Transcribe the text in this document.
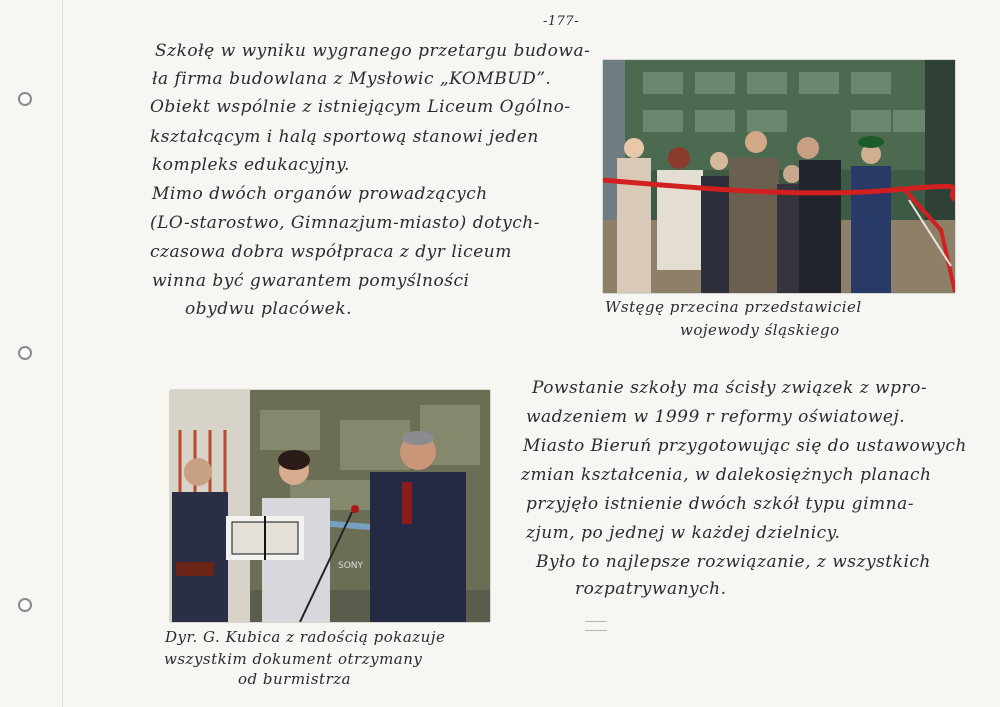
-177-
Szkołę w wyniku wygranego przetargu budowa-
ła firma budowlana z Mysłowic „KOMBUD”.
Obiekt wspólnie z istniejącym Liceum Ogólno-
kształcącym i halą sportową stanowi jeden
kompleks edukacyjny.
Mimo dwóch organów prowadzących
(LO-starostwo, Gimnazjum-miasto) dotych-
czasowa dobra współpraca z dyr liceum
winna być gwarantem pomyślności
obydwu placówek.	Wstęgę przecina przedstawiciel
wojewody śląskiego
SONY
Powstanie szkoły ma ścisły związek z wpro-
wadzeniem w 1999 r reformy oświatowej.
Miasto Bieruń przygotowując się do ustawowych
zmian kształcenia, w dalekosiężnych planach
przyjęło istnienie dwóch szkół typu gimna-
zjum, po jednej w każdej dzielnicy.
Było to najlepsze rozwiązanie, z wszystkich
rozpatrywanych.
Dyr. G. Kubica z radością pokazuje
wszystkim dokument otrzymany
od burmistrza
